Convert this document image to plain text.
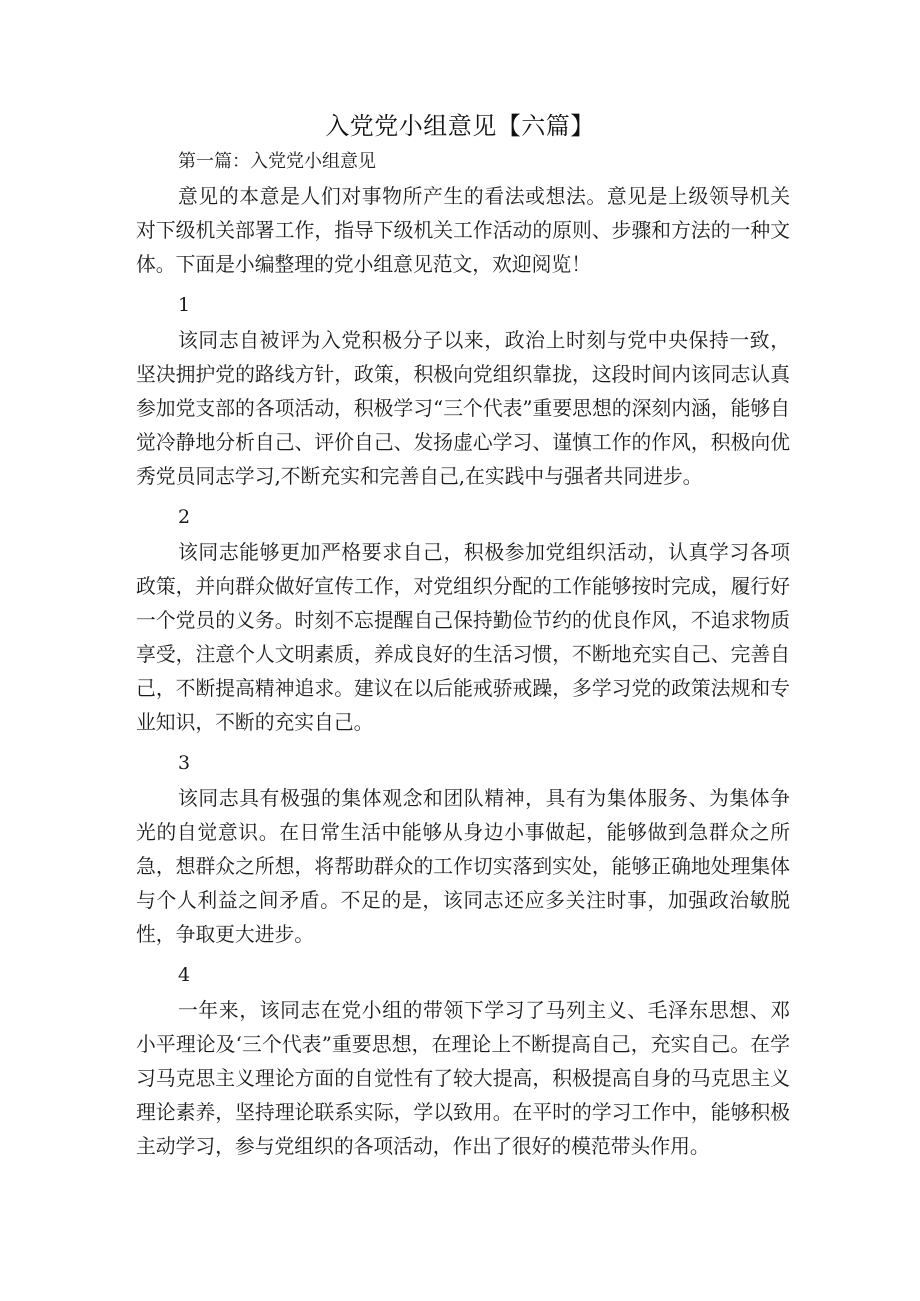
入党党小组意见【六篇】

第一篇：入党党小组意见

意见的本意是人们对事物所产生的看法或想法。意见是上级领导机关对下级机关部署工作，指导下级机关工作活动的原则、步骤和方法的一种文体。下面是小编整理的党小组意见范文，欢迎阅览！

1

该同志自被评为入党积极分子以来，政治上时刻与党中央保持一致，坚决拥护党的路线方针，政策，积极向党组织靠拢，这段时间内该同志认真参加党支部的各项活动，积极学习“三个代表”重要思想的深刻内涵，能够自觉冷静地分析自己、评价自己、发扬虚心学习、谨慎工作的作风，积极向优秀党员同志学习,不断充实和完善自己,在实践中与强者共同进步。

2

该同志能够更加严格要求自己，积极参加党组织活动，认真学习各项政策，并向群众做好宣传工作，对党组织分配的工作能够按时完成，履行好一个党员的义务。时刻不忘提醒自己保持勤俭节约的优良作风，不追求物质享受，注意个人文明素质，养成良好的生活习惯，不断地充实自己、完善自己，不断提高精神追求。建议在以后能戒骄戒躁，多学习党的政策法规和专业知识，不断的充实自己。

3

该同志具有极强的集体观念和团队精神，具有为集体服务、为集体争光的自觉意识。在日常生活中能够从身边小事做起，能够做到急群众之所急，想群众之所想，将帮助群众的工作切实落到实处，能够正确地处理集体与个人利益之间矛盾。不足的是，该同志还应多关注时事，加强政治敏脱性，争取更大进步。

4

一年来，该同志在党小组的带领下学习了马列主义、毛泽东思想、邓小平理论及‘三个代表”重要思想，在理论上不断提高自己，充实自己。在学习马克思主义理论方面的自觉性有了较大提高，积极提高自身的马克思主义理论素养，坚持理论联系实际，学以致用。在平时的学习工作中，能够积极主动学习，参与党组织的各项活动，作出了很好的模范带头作用。
